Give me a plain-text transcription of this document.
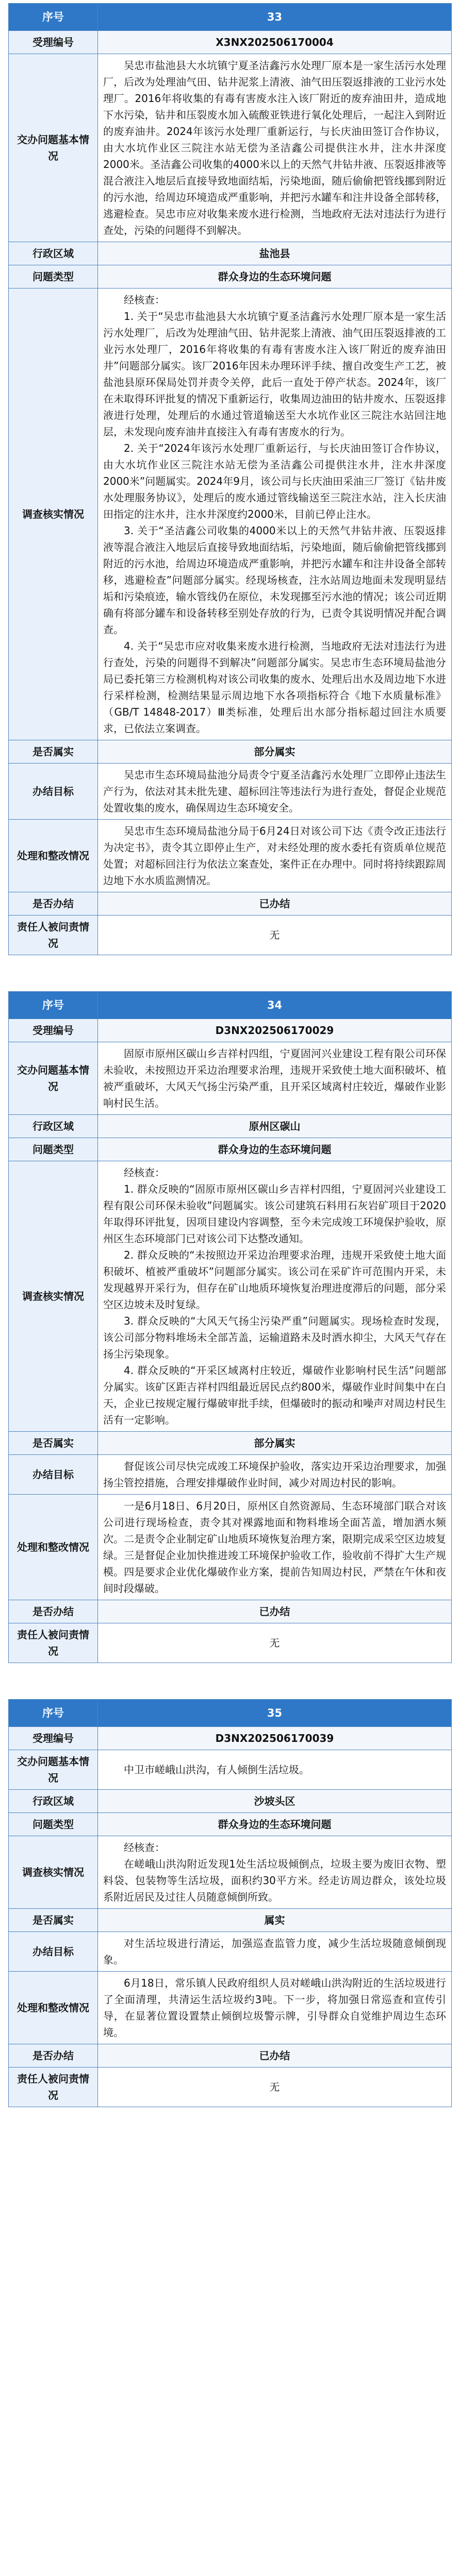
序号	33
受理编号	X3NX202506170004
交办问题基本情况	吴忠市盐池县大水坑镇宁夏圣洁鑫污水处理厂原本是一家生活污水处理厂，后改为处理油气田、钻井泥浆上清液、油气田压裂返排液的工业污水处理厂。2016年将收集的有毒有害废水注入该厂附近的废弃油田井，造成地下水污染，钻井和压裂废水加入硫酸亚铁进行氧化处理后，一起注入到附近的废弃油井。2024年该污水处理厂重新运行，与长庆油田签订合作协议，由大水坑作业区三院注水站无偿为圣洁鑫公司提供注水井，注水井深度2000米。圣洁鑫公司收集的4000米以上的天然气井钻井液、压裂返排液等混合液注入地层后直接导致地面结垢，污染地面，随后偷偷把管线挪到附近的污水池，给周边环境造成严重影响，并把污水罐车和注井设备全部转移，逃避检查。吴忠市应对收集来废水进行检测，当地政府无法对违法行为进行查处，污染的问题得不到解决。

行政区域	盐池县
问题类型	群众身边的生态环境问题
调查核实情况	经核查：
1. 关于“吴忠市盐池县大水坑镇宁夏圣洁鑫污水处理厂原本是一家生活污水处理厂，后改为处理油气田、钻井泥浆上清液、油气田压裂返排液的工业污水处理厂，2016年将收集的有毒有害废水注入该厂附近的废弃油田井”问题部分属实。该厂2016年因未办理环评手续、擅自改变生产工艺，被盐池县原环保局处罚并责令关停，此后一直处于停产状态。2024年，该厂在未取得环评批复的情况下重新运行，收集周边油田的钻井废水、压裂返排液进行处理，处理后的水通过管道输送至大水坑作业区三院注水站回注地层，未发现向废弃油井直接注入有毒有害废水的行为。
2. 关于“2024年该污水处理厂重新运行，与长庆油田签订合作协议，由大水坑作业区三院注水站无偿为圣洁鑫公司提供注水井，注水井深度2000米”问题属实。2024年9月，该公司与长庆油田采油三厂签订《钻井废水处理服务协议》，处理后的废水通过管线输送至三院注水站，注入长庆油田指定的注水井，注水井深度约2000米，目前已停止注水。
3. 关于“圣洁鑫公司收集的4000米以上的天然气井钻井液、压裂返排液等混合液注入地层后直接导致地面结垢，污染地面，随后偷偷把管线挪到附近的污水池，给周边环境造成严重影响，并把污水罐车和注井设备全部转移，逃避检查”问题部分属实。经现场核查，注水站周边地面未发现明显结垢和污染痕迹，输水管线仍在原位，未发现挪至污水池的情况；该公司近期确有将部分罐车和设备转移至别处存放的行为，已责令其说明情况并配合调查。
4. 关于“吴忠市应对收集来废水进行检测，当地政府无法对违法行为进行查处，污染的问题得不到解决”问题部分属实。吴忠市生态环境局盐池分局已委托第三方检测机构对该公司收集的废水、处理后出水及周边地下水进行采样检测，检测结果显示周边地下水各项指标符合《地下水质量标准》（GB/T 14848-2017）Ⅲ类标准，处理后出水部分指标超过回注水质要求，已依法立案调查。

是否属实	部分属实
办结目标	吴忠市生态环境局盐池分局责令宁夏圣洁鑫污水处理厂立即停止违法生产行为，依法对其未批先建、超标回注等违法行为进行查处，督促企业规范处置收集的废水，确保周边生态环境安全。

处理和整改情况	吴忠市生态环境局盐池分局于6月24日对该公司下达《责令改正违法行为决定书》，责令其立即停止生产，对未经处理的废水委托有资质单位规范处置；对超标回注行为依法立案查处，案件正在办理中。同时将持续跟踪周边地下水水质监测情况。

是否办结	已办结
责任人被问责情况	无
序号	34
受理编号	D3NX202506170029
交办问题基本情况	固原市原州区碳山乡吉祥村四组，宁夏固河兴业建设工程有限公司环保未验收，未按照边开采边治理要求治理，违规开采致使土地大面积破坏、植被严重破坏，大风天气扬尘污染严重，且开采区域离村庄较近，爆破作业影响村民生活。

行政区域	原州区碳山
问题类型	群众身边的生态环境问题
调查核实情况	经核查：
1. 群众反映的“固原市原州区碳山乡吉祥村四组，宁夏固河兴业建设工程有限公司环保未验收”问题属实。该公司建筑石料用石灰岩矿项目于2020年取得环评批复，因项目建设内容调整，至今未完成竣工环境保护验收，原州区生态环境部门已对该公司下达整改通知。
2. 群众反映的“未按照边开采边治理要求治理，违规开采致使土地大面积破坏、植被严重破坏”问题部分属实。该公司在采矿许可范围内开采，未发现越界开采行为，但存在矿山地质环境恢复治理进度滞后的问题，部分采空区边坡未及时复绿。
3. 群众反映的“大风天气扬尘污染严重”问题属实。现场检查时发现，该公司部分物料堆场未全部苫盖，运输道路未及时洒水抑尘，大风天气存在扬尘污染现象。
4. 群众反映的“开采区域离村庄较近，爆破作业影响村民生活”问题部分属实。该矿区距吉祥村四组最近居民点约800米，爆破作业时间集中在白天，企业已按规定履行爆破审批手续，但爆破时的振动和噪声对周边村民生活有一定影响。

是否属实	部分属实
办结目标	督促该公司尽快完成竣工环境保护验收，落实边开采边治理要求，加强扬尘管控措施，合理安排爆破作业时间，减少对周边村民的影响。

处理和整改情况	一是6月18日、6月20日，原州区自然资源局、生态环境部门联合对该公司进行现场检查，责令其对裸露地面和物料堆场全面苫盖，增加洒水频次。二是责令企业制定矿山地质环境恢复治理方案，限期完成采空区边坡复绿。三是督促企业加快推进竣工环境保护验收工作，验收前不得扩大生产规模。四是要求企业优化爆破作业方案，提前告知周边村民，严禁在午休和夜间时段爆破。

是否办结	已办结
责任人被问责情况	无
序号	35
受理编号	D3NX202506170039
交办问题基本情况	中卫市嵯峨山洪沟，有人倾倒生活垃圾。

行政区域	沙坡头区
问题类型	群众身边的生态环境问题
调查核实情况	经核查：
在嵯峨山洪沟附近发现1处生活垃圾倾倒点，垃圾主要为废旧衣物、塑料袋、包装物等生活垃圾，面积约30平方米。经走访周边群众，该处垃圾系附近居民及过往人员随意倾倒所致。

是否属实	属实
办结目标	对生活垃圾进行清运，加强巡查监管力度，减少生活垃圾随意倾倒现象。

处理和整改情况	6月18日，常乐镇人民政府组织人员对嵯峨山洪沟附近的生活垃圾进行了全面清理，共清运生活垃圾约3吨。下一步，将加强日常巡查和宣传引导，在显著位置设置禁止倾倒垃圾警示牌，引导群众自觉维护周边生态环境。

是否办结	已办结
责任人被问责情况	无
